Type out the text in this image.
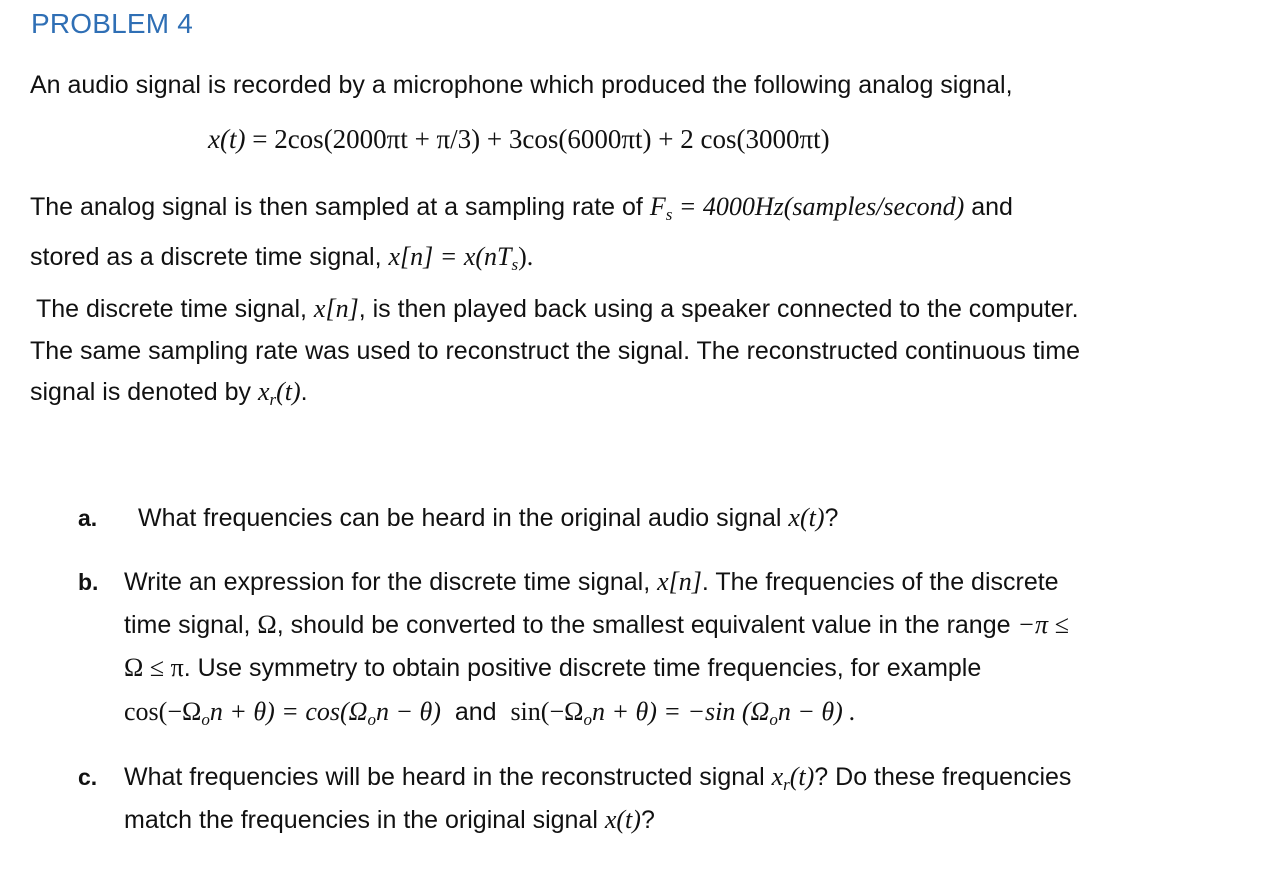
PROBLEM 4
An audio signal is recorded by a microphone which produced the following analog signal,
x(t) = 2cos(2000πt + π/3) + 3cos(6000πt) + 2 cos(3000πt)
The analog signal is then sampled at a sampling rate of $F_s$ = 4000Hz(samples/second) and
stored as a discrete time signal, $x[n] = x(nT_s)$.
The discrete time signal, x[n], is then played back using a speaker connected to the computer.
The same sampling rate was used to reconstruct the signal. The reconstructed continuous time
signal is denoted by $x_r(t)$.
a. What frequencies can be heard in the original audio signal x(t)?
b. Write an expression for the discrete time signal, x[n]. The frequencies of the discrete
time signal, Ω, should be converted to the smallest equivalent value in the range −π ≤
Ω ≤ π. Use symmetry to obtain positive discrete time frequencies, for example
$\cos(-\Omega_on + \theta) = \cos(\Omega_on - \theta)$  and  $\sin(-\Omega_on + \theta) = -\sin$ $(\Omega_on - \theta)$ .
c. What frequencies will be heard in the reconstructed signal $x_r(t)$? Do these frequencies
match the frequencies in the original signal x(t)?
